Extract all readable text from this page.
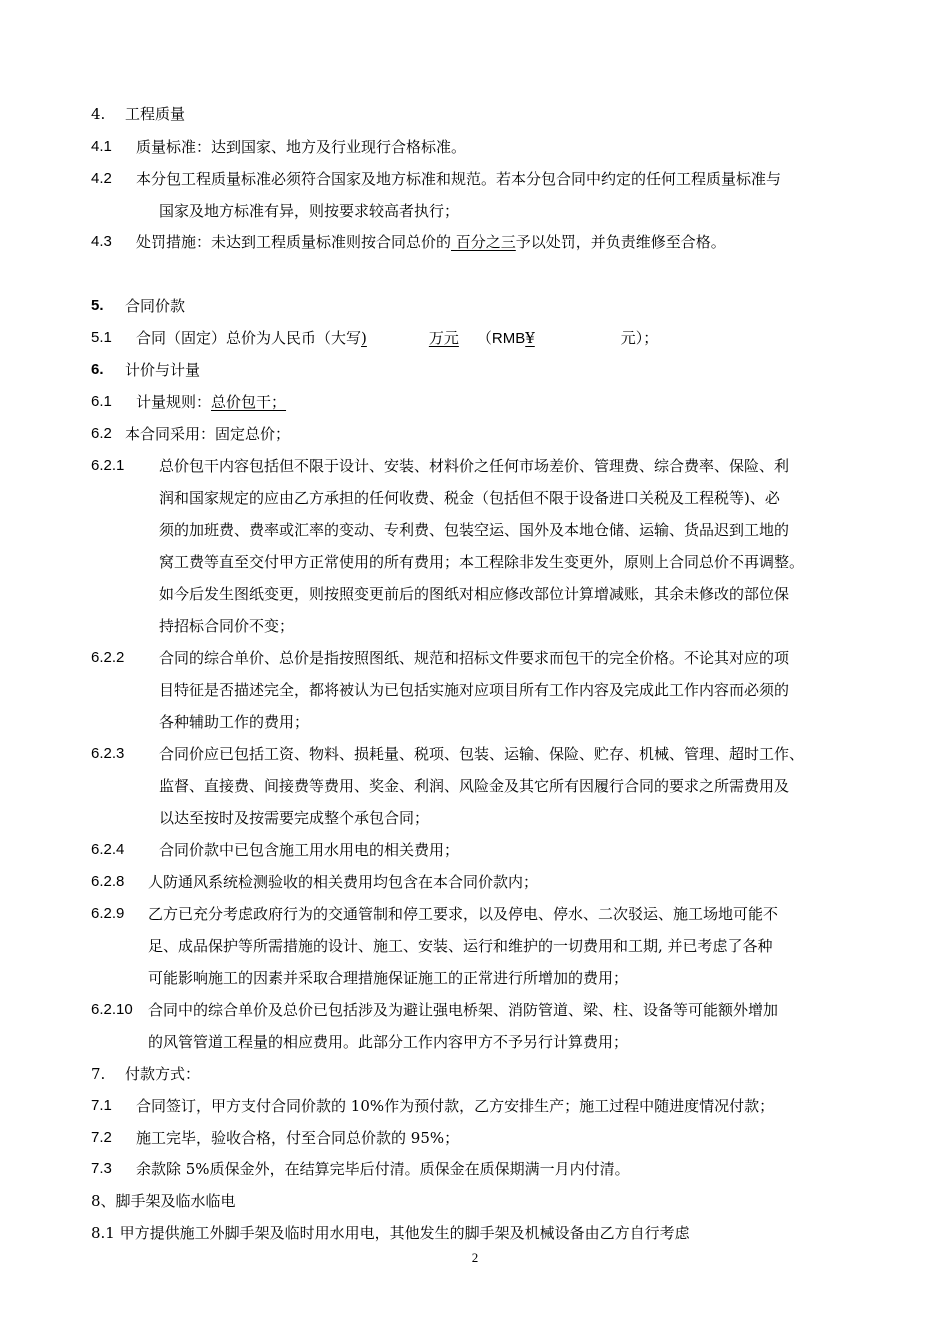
4. 工程质量
4.1 质量标准：达到国家、地方及行业现行合格标准。
4.2 本分包工程质量标准必须符合国家及地方标准和规范。若本分包合同中约定的任何工程质量标准与
国家及地方标准有异，则按要求较高者执行；
4.3 处罚措施：未达到工程质量标准则按合同总价的 百分之三予以处罚，并负责维修至合格。
5. 合同价款
5.1 合同（固定）总价为人民币（大写)	万元 （RMB¥	元）；
6. 计价与计量
6.1 计量规则：总价包干；
6.2 本合同采用：固定总价；
6.2.1 总价包干内容包括但不限于设计、安装、材料价之任何市场差价、管理费、综合费率、保险、利
润和国家规定的应由乙方承担的任何收费、税金（包括但不限于设备进口关税及工程税等)、必
须的加班费、费率或汇率的变动、专利费、包装空运、国外及本地仓储、运输、货品迟到工地的
窝工费等直至交付甲方正常使用的所有费用；本工程除非发生变更外，原则上合同总价不再调整。
如今后发生图纸变更，则按照变更前后的图纸对相应修改部位计算增减账，其余未修改的部位保
持招标合同价不变；
6.2.2 合同的综合单价、总价是指按照图纸、规范和招标文件要求而包干的完全价格。不论其对应的项
目特征是否描述完全，都将被认为已包括实施对应项目所有工作内容及完成此工作内容而必须的
各种辅助工作的费用；
6.2.3 合同价应已包括工资、物料、损耗量、税项、包装、运输、保险、贮存、机械、管理、超时工作、
监督、直接费、间接费等费用、奖金、利润、风险金及其它所有因履行合同的要求之所需费用及
以达至按时及按需要完成整个承包合同；
6.2.4 合同价款中已包含施工用水用电的相关费用；
6.2.8 人防通风系统检测验收的相关费用均包含在本合同价款内；
6.2.9 乙方已充分考虑政府行为的交通管制和停工要求，以及停电、停水、二次驳运、施工场地可能不
足、成品保护等所需措施的设计、施工、安装、运行和维护的一切费用和工期, 并已考虑了各种
可能影响施工的因素并采取合理措施保证施工的正常进行所增加的费用；
6.2.10 合同中的综合单价及总价已包括涉及为避让强电桥架、消防管道、梁、柱、设备等可能额外增加
的风管管道工程量的相应费用。此部分工作内容甲方不予另行计算费用；
7. 付款方式：
7.1 合同签订，甲方支付合同价款的 10%作为预付款，乙方安排生产；施工过程中随进度情况付款；
7.2 施工完毕，验收合格，付至合同总价款的 95%；
7.3 余款除 5%质保金外，在结算完毕后付清。质保金在质保期满一月内付清。
8、脚手架及临水临电
8.1 甲方提供施工外脚手架及临时用水用电，其他发生的脚手架及机械设备由乙方自行考虑
2
